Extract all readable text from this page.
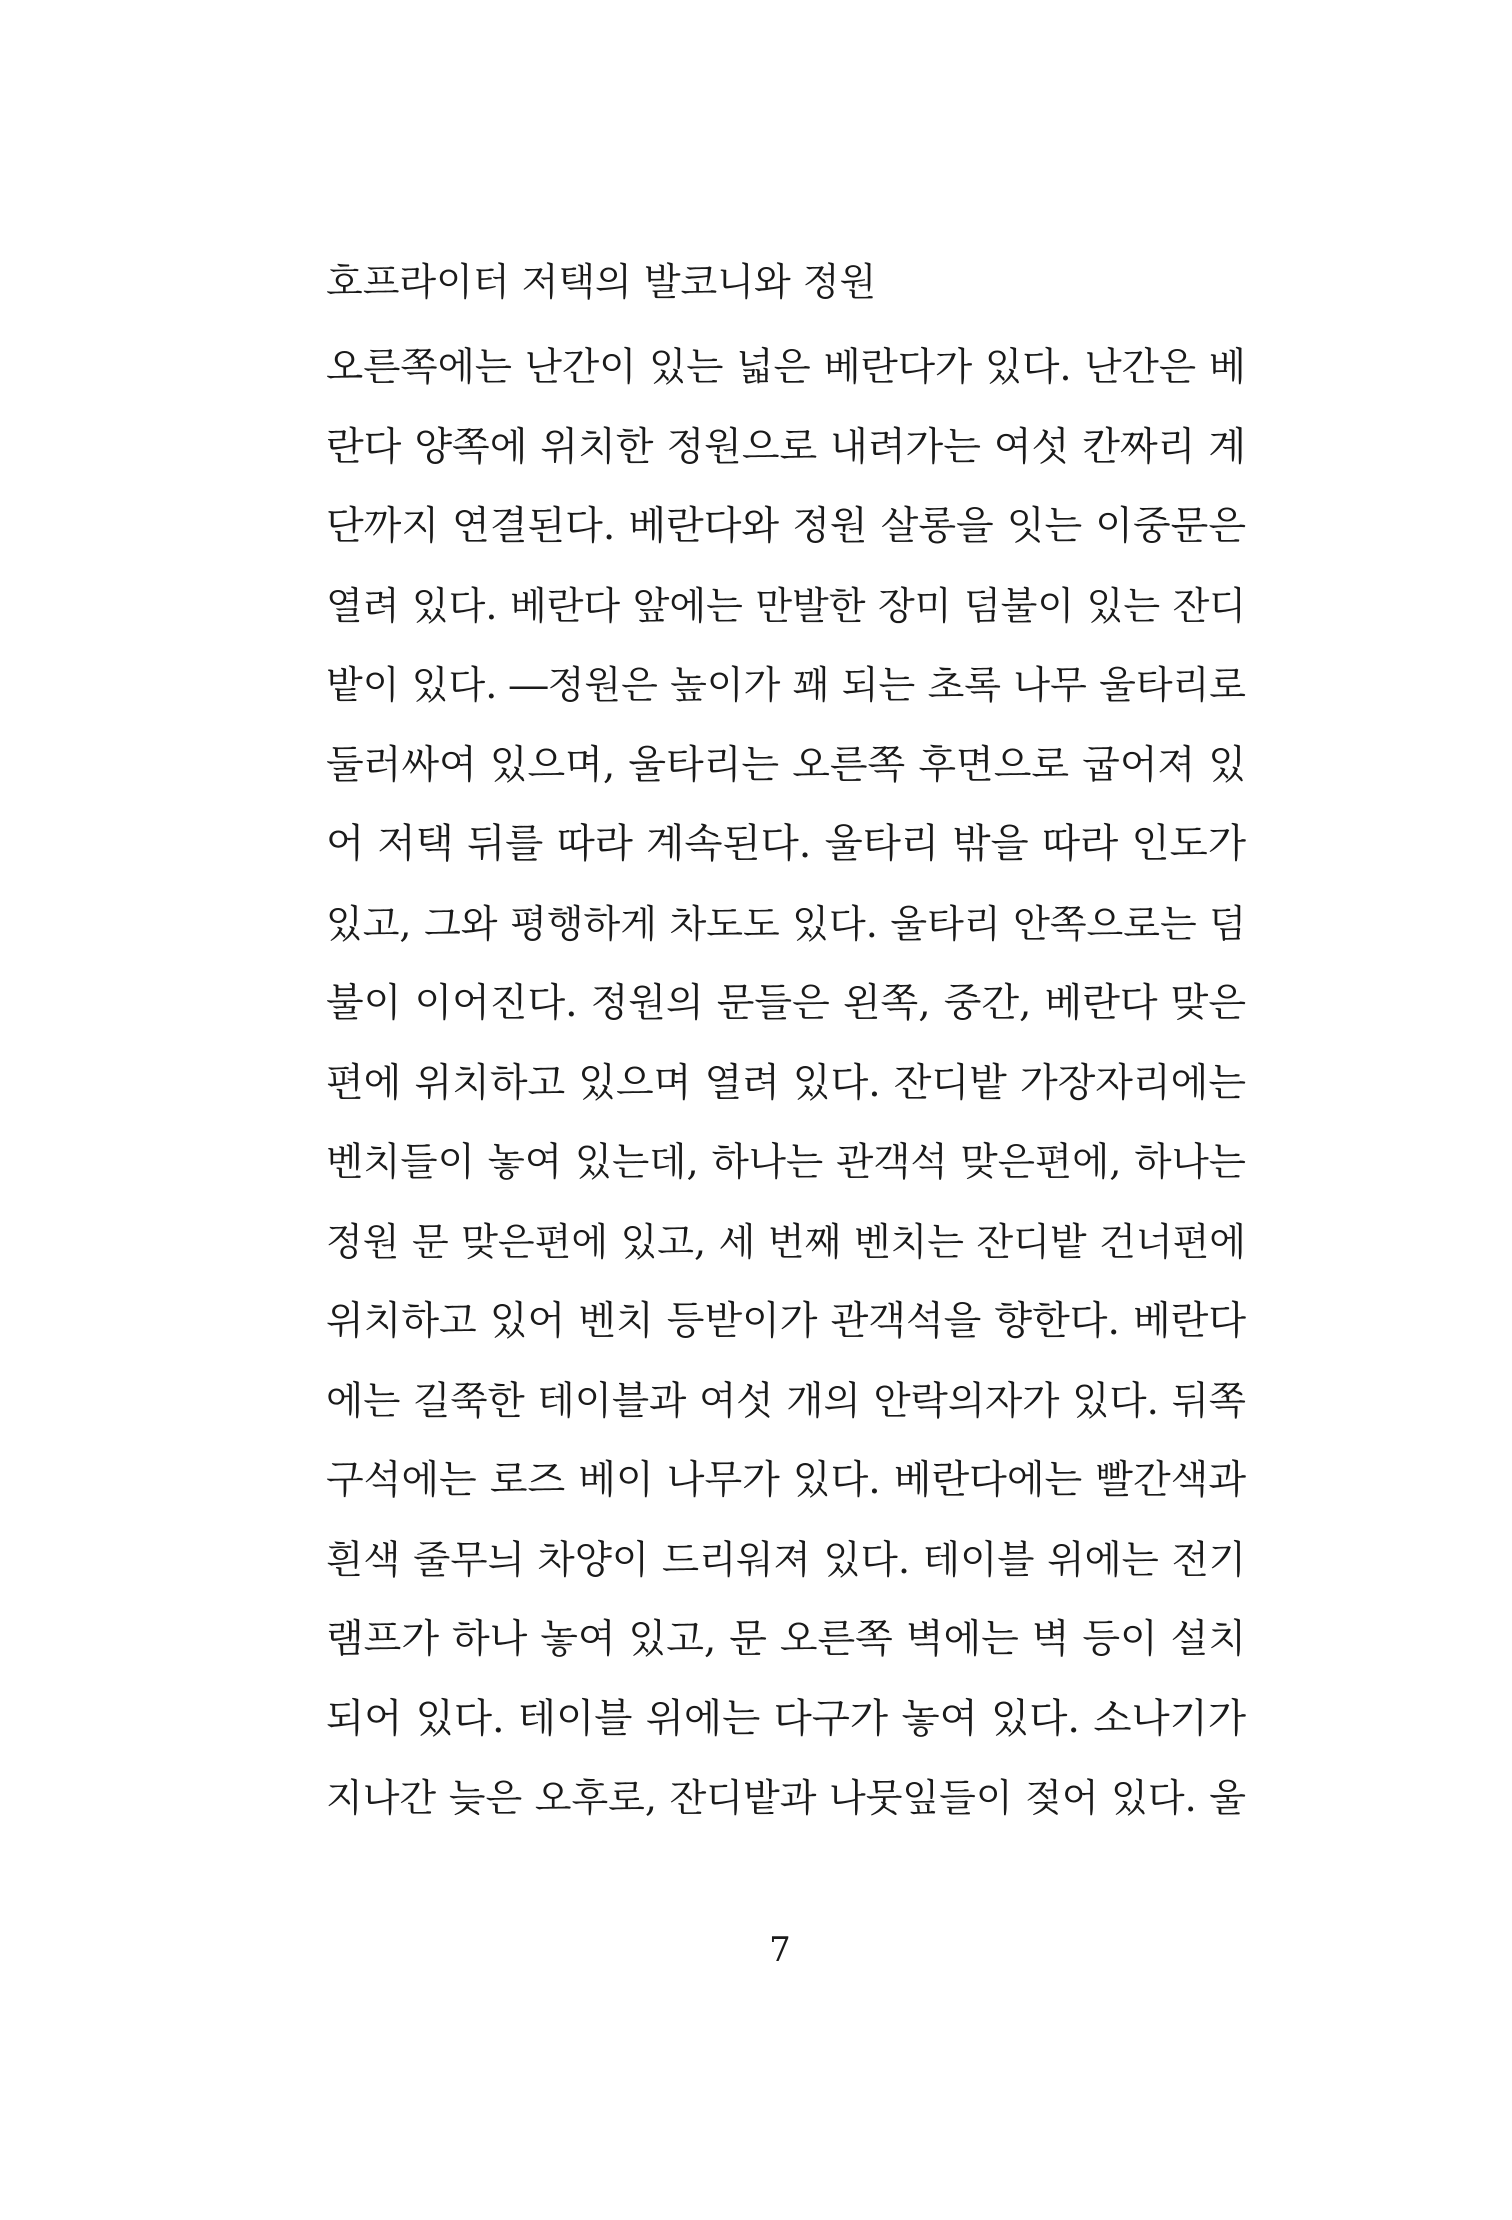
호프라이터 저택의 발코니와 정원
오른쪽에는 난간이 있는 넓은 베란다가 있다. 난간은 베
란다 양쪽에 위치한 정원으로 내려가는 여섯 칸짜리 계
단까지 연결된다. 베란다와 정원 살롱을 잇는 이중문은
열려 있다. 베란다 앞에는 만발한 장미 덤불이 있는 잔디
밭이 있다. ―정원은 높이가 꽤 되는 초록 나무 울타리로
둘러싸여 있으며, 울타리는 오른쪽 후면으로 굽어져 있
어 저택 뒤를 따라 계속된다. 울타리 밖을 따라 인도가
있고, 그와 평행하게 차도도 있다. 울타리 안쪽으로는 덤
불이 이어진다. 정원의 문들은 왼쪽, 중간, 베란다 맞은
편에 위치하고 있으며 열려 있다. 잔디밭 가장자리에는
벤치들이 놓여 있는데, 하나는 관객석 맞은편에, 하나는
정원 문 맞은편에 있고, 세 번째 벤치는 잔디밭 건너편에
위치하고 있어 벤치 등받이가 관객석을 향한다. 베란다
에는 길쭉한 테이블과 여섯 개의 안락의자가 있다. 뒤쪽
구석에는 로즈 베이 나무가 있다. 베란다에는 빨간색과
흰색 줄무늬 차양이 드리워져 있다. 테이블 위에는 전기
램프가 하나 놓여 있고, 문 오른쪽 벽에는 벽 등이 설치
되어 있다. 테이블 위에는 다구가 놓여 있다. 소나기가
지나간 늦은 오후로, 잔디밭과 나뭇잎들이 젖어 있다. 울
7
